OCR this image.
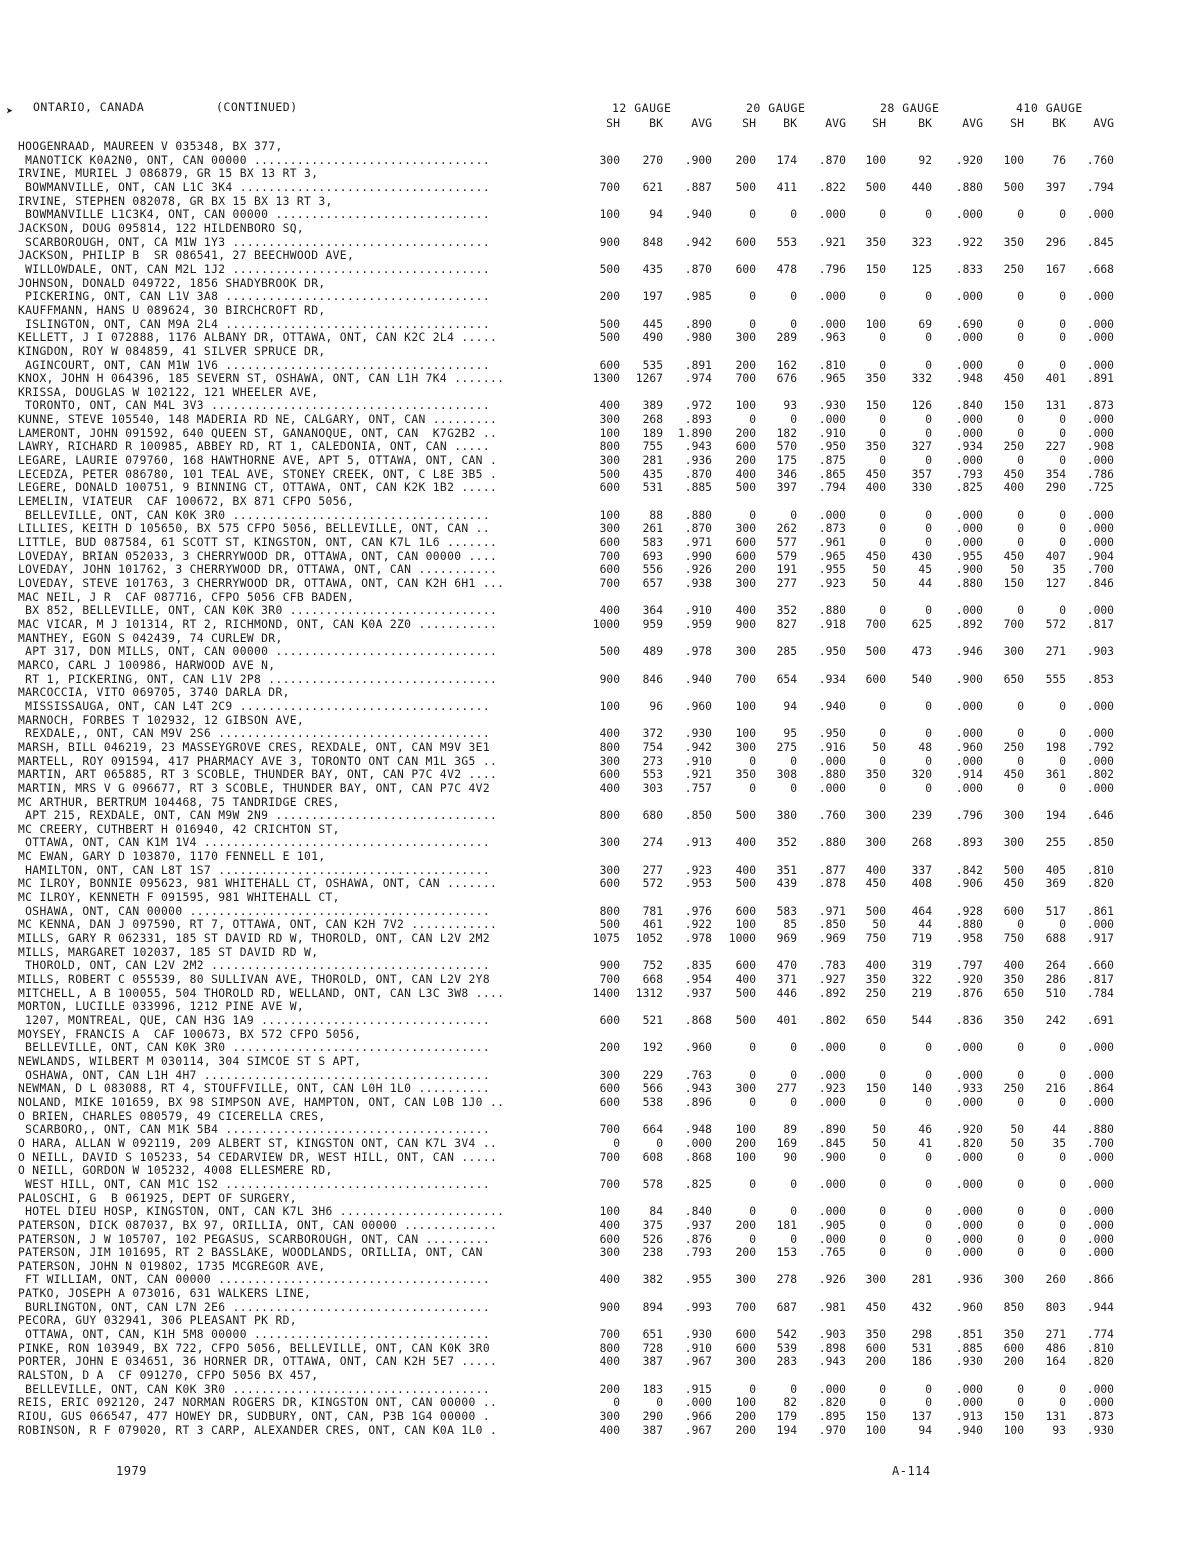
➤ ONTARIO, CANADA	(CONTINUED)	12 GAUGE	20 GAUGE	28 GAUGE	410 GAUGE
SH	BK	AVG	SH	BK	AVG	SH	BK	AVG	SH	BK	AVG
HOOGENRAAD, MAUREEN V 035348, BX 377,
MANOTICK K0A2N0, ONT, CAN 00000 .................................	300	270	.900	200	174	.870	100	92	.920	100	76	.760
IRVINE, MURIEL J 086879, GR 15 BX 13 RT 3,
BOWMANVILLE, ONT, CAN L1C 3K4 ...................................	700	621	.887	500	411	.822	500	440	.880	500	397	.794
IRVINE, STEPHEN 082078, GR BX 15 BX 13 RT 3,
BOWMANVILLE L1C3K4, ONT, CAN 00000 ..............................	100	94	.940	0	0	.000	0	0	.000	0	0	.000
JACKSON, DOUG 095814, 122 HILDENBORO SQ,
SCARBOROUGH, ONT, CA M1W 1Y3 ....................................	900	848	.942	600	553	.921	350	323	.922	350	296	.845
JACKSON, PHILIP B  SR 086541, 27 BEECHWOOD AVE,
WILLOWDALE, ONT, CAN M2L 1J2 ....................................	500	435	.870	600	478	.796	150	125	.833	250	167	.668
JOHNSON, DONALD 049722, 1856 SHADYBROOK DR,
PICKERING, ONT, CAN L1V 3A8 .....................................	200	197	.985	0	0	.000	0	0	.000	0	0	.000
KAUFFMANN, HANS U 089624, 30 BIRCHCROFT RD,
ISLINGTON, ONT, CAN M9A 2L4 .....................................	500	445	.890	0	0	.000	100	69	.690	0	0	.000
KELLETT, J I 072888, 1176 ALBANY DR, OTTAWA, ONT, CAN K2C 2L4 .....	500	490	.980	300	289	.963	0	0	.000	0	0	.000
KINGDON, ROY W 084859, 41 SILVER SPRUCE DR,
AGINCOURT, ONT, CAN M1W 1V6 .....................................	600	535	.891	200	162	.810	0	0	.000	0	0	.000
KNOX, JOHN H 064396, 185 SEVERN ST, OSHAWA, ONT, CAN L1H 7K4 .......	1300	1267	.974	700	676	.965	350	332	.948	450	401	.891
KRISSA, DOUGLAS W 102122, 121 WHEELER AVE,
TORONTO, ONT, CAN M4L 3V3 .......................................	400	389	.972	100	93	.930	150	126	.840	150	131	.873
KUNNE, STEVE 105540, 148 MADERIA RD NE, CALGARY, ONT, CAN .........	300	268	.893	0	0	.000	0	0	.000	0	0	.000
LAMERONT, JOHN 091592, 640 QUEEN ST, GANANOQUE, ONT, CAN  K7G2B2 ..	100	189	1.890	200	182	.910	0	0	.000	0	0	.000
LAWRY, RICHARD R 100985, ABBEY RD, RT 1, CALEDONIA, ONT, CAN .....	800	755	.943	600	570	.950	350	327	.934	250	227	.908
LEGARE, LAURIE 079760, 168 HAWTHORNE AVE, APT 5, OTTAWA, ONT, CAN .	300	281	.936	200	175	.875	0	0	.000	0	0	.000
LECEDZA, PETER 086780, 101 TEAL AVE, STONEY CREEK, ONT, C L8E 3B5 .	500	435	.870	400	346	.865	450	357	.793	450	354	.786
LEGERE, DONALD 100751, 9 BINNING CT, OTTAWA, ONT, CAN K2K 1B2 .....	600	531	.885	500	397	.794	400	330	.825	400	290	.725
LEMELIN, VIATEUR  CAF 100672, BX 871 CFPO 5056,
BELLEVILLE, ONT, CAN K0K 3R0 ....................................	100	88	.880	0	0	.000	0	0	.000	0	0	.000
LILLIES, KEITH D 105650, BX 575 CFPO 5056, BELLEVILLE, ONT, CAN ..	300	261	.870	300	262	.873	0	0	.000	0	0	.000
LITTLE, BUD 087584, 61 SCOTT ST, KINGSTON, ONT, CAN K7L 1L6 .......	600	583	.971	600	577	.961	0	0	.000	0	0	.000
LOVEDAY, BRIAN 052033, 3 CHERRYWOOD DR, OTTAWA, ONT, CAN 00000 ....	700	693	.990	600	579	.965	450	430	.955	450	407	.904
LOVEDAY, JOHN 101762, 3 CHERRYWOOD DR, OTTAWA, ONT, CAN ...........	600	556	.926	200	191	.955	50	45	.900	50	35	.700
LOVEDAY, STEVE 101763, 3 CHERRYWOOD DR, OTTAWA, ONT, CAN K2H 6H1 ...	700	657	.938	300	277	.923	50	44	.880	150	127	.846
MAC NEIL, J R  CAF 087716, CFPO 5056 CFB BADEN,
BX 852, BELLEVILLE, ONT, CAN K0K 3R0 .............................	400	364	.910	400	352	.880	0	0	.000	0	0	.000
MAC VICAR, M J 101314, RT 2, RICHMOND, ONT, CAN K0A 2Z0 ...........	1000	959	.959	900	827	.918	700	625	.892	700	572	.817
MANTHEY, EGON S 042439, 74 CURLEW DR,
APT 317, DON MILLS, ONT, CAN 00000 ...............................	500	489	.978	300	285	.950	500	473	.946	300	271	.903
MARCO, CARL J 100986, HARWOOD AVE N,
RT 1, PICKERING, ONT, CAN L1V 2P8 ................................	900	846	.940	700	654	.934	600	540	.900	650	555	.853
MARCOCCIA, VITO 069705, 3740 DARLA DR,
MISSISSAUGA, ONT, CAN L4T 2C9 ...................................	100	96	.960	100	94	.940	0	0	.000	0	0	.000
MARNOCH, FORBES T 102932, 12 GIBSON AVE,
REXDALE,, ONT, CAN M9V 2S6 ......................................	400	372	.930	100	95	.950	0	0	.000	0	0	.000
MARSH, BILL 046219, 23 MASSEYGROVE CRES, REXDALE, ONT, CAN M9V 3E1	800	754	.942	300	275	.916	50	48	.960	250	198	.792
MARTELL, ROY 091594, 417 PHARMACY AVE 3, TORONTO ONT CAN M1L 3G5 ..	300	273	.910	0	0	.000	0	0	.000	0	0	.000
MARTIN, ART 065885, RT 3 SCOBLE, THUNDER BAY, ONT, CAN P7C 4V2 ....	600	553	.921	350	308	.880	350	320	.914	450	361	.802
MARTIN, MRS V G 096677, RT 3 SCOBLE, THUNDER BAY, ONT, CAN P7C 4V2	400	303	.757	0	0	.000	0	0	.000	0	0	.000
MC ARTHUR, BERTRUM 104468, 75 TANDRIDGE CRES,
APT 215, REXDALE, ONT, CAN M9W 2N9 ...............................	800	680	.850	500	380	.760	300	239	.796	300	194	.646
MC CREERY, CUTHBERT H 016940, 42 CRICHTON ST,
OTTAWA, ONT, CAN K1M 1V4 ........................................	300	274	.913	400	352	.880	300	268	.893	300	255	.850
MC EWAN, GARY D 103870, 1170 FENNELL E 101,
HAMILTON, ONT, CAN L8T 1S7 ......................................	300	277	.923	400	351	.877	400	337	.842	500	405	.810
MC ILROY, BONNIE 095623, 981 WHITEHALL CT, OSHAWA, ONT, CAN .......	600	572	.953	500	439	.878	450	408	.906	450	369	.820
MC ILROY, KENNETH F 091595, 981 WHITEHALL CT,
OSHAWA, ONT, CAN 00000 ..........................................	800	781	.976	600	583	.971	500	464	.928	600	517	.861
MC KENNA, DAN J 097590, RT 7, OTTAWA, ONT, CAN K2H 7V2 ............	500	461	.922	100	85	.850	50	44	.880	0	0	.000
MILLS, GARY R 062331, 185 ST DAVID RD W, THOROLD, ONT, CAN L2V 2M2	1075	1052	.978	1000	969	.969	750	719	.958	750	688	.917
MILLS, MARGARET 102037, 185 ST DAVID RD W,
THOROLD, ONT, CAN L2V 2M2 .......................................	900	752	.835	600	470	.783	400	319	.797	400	264	.660
MILLS, ROBERT C 055539, 80 SULLIVAN AVE, THOROLD, ONT, CAN L2V 2Y8	700	668	.954	400	371	.927	350	322	.920	350	286	.817
MITCHELL, A B 100055, 504 THOROLD RD, WELLAND, ONT, CAN L3C 3W8 ....	1400	1312	.937	500	446	.892	250	219	.876	650	510	.784
MORTON, LUCILLE 033996, 1212 PINE AVE W,
1207, MONTREAL, QUE, CAN H3G 1A9 ................................	600	521	.868	500	401	.802	650	544	.836	350	242	.691
MOYSEY, FRANCIS A  CAF 100673, BX 572 CFPO 5056,
BELLEVILLE, ONT, CAN K0K 3R0 ....................................	200	192	.960	0	0	.000	0	0	.000	0	0	.000
NEWLANDS, WILBERT M 030114, 304 SIMCOE ST S APT,
OSHAWA, ONT, CAN L1H 4H7 ........................................	300	229	.763	0	0	.000	0	0	.000	0	0	.000
NEWMAN, D L 083088, RT 4, STOUFFVILLE, ONT, CAN L0H 1L0 ..........	600	566	.943	300	277	.923	150	140	.933	250	216	.864
NOLAND, MIKE 101659, BX 98 SIMPSON AVE, HAMPTON, ONT, CAN L0B 1J0 ..	600	538	.896	0	0	.000	0	0	.000	0	0	.000
O BRIEN, CHARLES 080579, 49 CICERELLA CRES,
SCARBORO,, ONT, CAN M1K 5B4 .....................................	700	664	.948	100	89	.890	50	46	.920	50	44	.880
O HARA, ALLAN W 092119, 209 ALBERT ST, KINGSTON ONT, CAN K7L 3V4 ..	0	0	.000	200	169	.845	50	41	.820	50	35	.700
O NEILL, DAVID S 105233, 54 CEDARVIEW DR, WEST HILL, ONT, CAN .....	700	608	.868	100	90	.900	0	0	.000	0	0	.000
O NEILL, GORDON W 105232, 4008 ELLESMERE RD,
WEST HILL, ONT, CAN M1C 1S2 .....................................	700	578	.825	0	0	.000	0	0	.000	0	0	.000
PALOSCHI, G  B 061925, DEPT OF SURGERY,
HOTEL DIEU HOSP, KINGSTON, ONT, CAN K7L 3H6 .......................	100	84	.840	0	0	.000	0	0	.000	0	0	.000
PATERSON, DICK 087037, BX 97, ORILLIA, ONT, CAN 00000 .............	400	375	.937	200	181	.905	0	0	.000	0	0	.000
PATERSON, J W 105707, 102 PEGASUS, SCARBOROUGH, ONT, CAN .........	600	526	.876	0	0	.000	0	0	.000	0	0	.000
PATERSON, JIM 101695, RT 2 BASSLAKE, WOODLANDS, ORILLIA, ONT, CAN	300	238	.793	200	153	.765	0	0	.000	0	0	.000
PATERSON, JOHN N 019802, 1735 MCGREGOR AVE,
FT WILLIAM, ONT, CAN 00000 ......................................	400	382	.955	300	278	.926	300	281	.936	300	260	.866
PATKO, JOSEPH A 073016, 631 WALKERS LINE,
BURLINGTON, ONT, CAN L7N 2E6 ....................................	900	894	.993	700	687	.981	450	432	.960	850	803	.944
PECORA, GUY 032941, 306 PLEASANT PK RD,
OTTAWA, ONT, CAN, K1H 5M8 00000 .................................	700	651	.930	600	542	.903	350	298	.851	350	271	.774
PINKE, RON 103949, BX 722, CFPO 5056, BELLEVILLE, ONT, CAN K0K 3R0	800	728	.910	600	539	.898	600	531	.885	600	486	.810
PORTER, JOHN E 034651, 36 HORNER DR, OTTAWA, ONT, CAN K2H 5E7 .....	400	387	.967	300	283	.943	200	186	.930	200	164	.820
RALSTON, D A  CF 091270, CFPO 5056 BX 457,
BELLEVILLE, ONT, CAN K0K 3R0 ....................................	200	183	.915	0	0	.000	0	0	.000	0	0	.000
REIS, ERIC 092120, 247 NORMAN ROGERS DR, KINGSTON ONT, CAN 00000 ..	0	0	.000	100	82	.820	0	0	.000	0	0	.000
RIOU, GUS 066547, 477 HOWEY DR, SUDBURY, ONT, CAN, P3B 1G4 00000 .	300	290	.966	200	179	.895	150	137	.913	150	131	.873
ROBINSON, R F 079020, RT 3 CARP, ALEXANDER CRES, ONT, CAN K0A 1L0 .	400	387	.967	200	194	.970	100	94	.940	100	93	.930
1979	A-114
